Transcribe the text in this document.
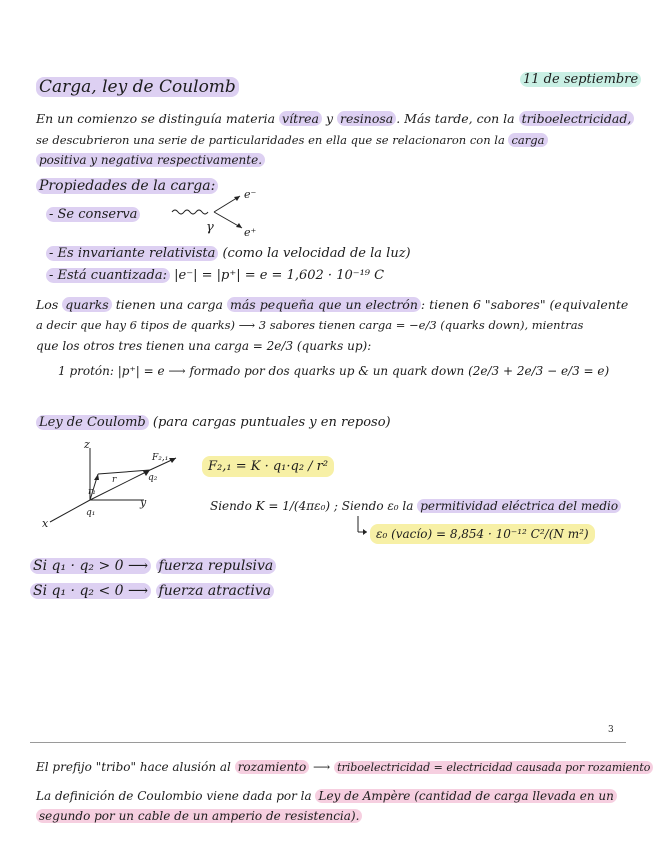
Carga, ley de Coulomb	11 de septiembre
En un comienzo se distinguía materia vítrea y resinosa . Más tarde, con la triboelectricidad,
se descubrieron una serie de particularidades en ella que se relacionaron con la carga
positiva y negativa respectivamente.
Propiedades de la carga:
- Se conserva
γ
e⁻
e⁺
- Es invariante relativista (como la velocidad de la luz)
- Está cuantizada: |e⁻| = |p⁺| = e = 1,602 · 10⁻¹⁹ C
Los quarks tienen una carga más pequeña que un electrón : tienen 6 "sabores" (equivalente
a decir que hay 6 tipos de quarks) ⟶ 3 sabores tienen carga = −e/3 (quarks down), mientras
que los otros tres tienen una carga = 2e/3 (quarks up):
1 protón: |p⁺| = e ⟶ formado por dos quarks up & un quark down (2e/3 + 2e/3 − e/3 = e)
Ley de Coulomb (para cargas puntuales y en reposo)
z
x
y
F₂,₁
q₂
r
r₁
q₁
F₂,₁ = K · q₁·q₂ / r²
Siendo K = 1/(4πε₀) ; Siendo ε₀ la permitividad eléctrica del medio
ε₀ (vacío) = 8,854 · 10⁻¹² C²/(N m²)
Si q₁ · q₂ > 0 ⟶ fuerza repulsiva
Si q₁ · q₂ < 0 ⟶ fuerza atractiva
3
El prefijo "tribo" hace alusión al rozamiento ⟶ triboelectricidad = electricidad causada por rozamiento
La definición de Coulombio viene dada por la Ley de Ampère (cantidad de carga llevada en un
segundo por un cable de un amperio de resistencia).
